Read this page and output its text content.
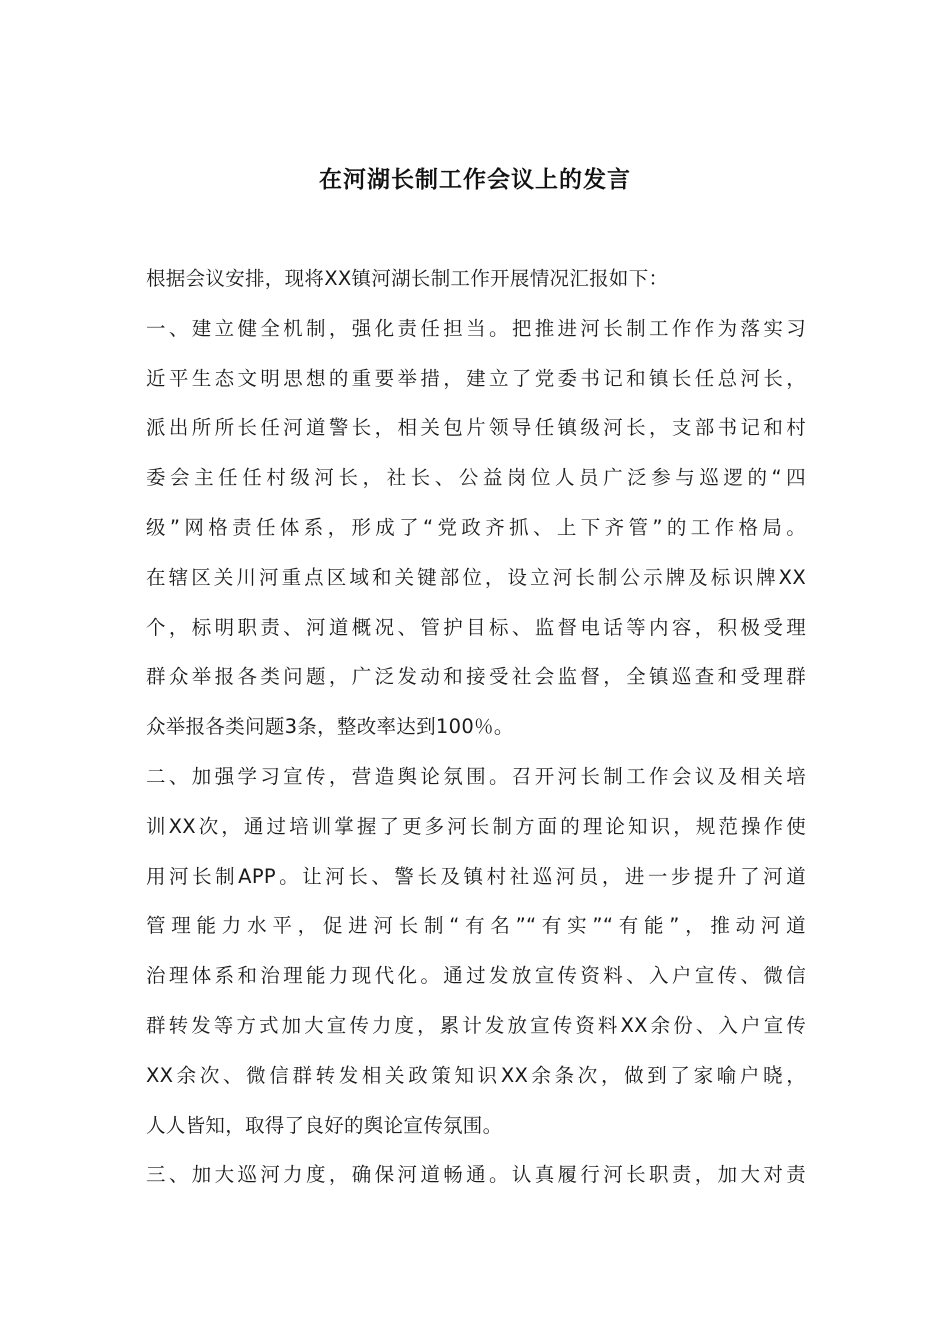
在河湖长制工作会议上的发言
根据会议安排，现将XX镇河湖长制工作开展情况汇报如下：
一、建立健全机制，强化责任担当。把推进河长制工作作为落实习
近平生态文明思想的重要举措，建立了党委书记和镇长任总河长，
派出所所长任河道警长，相关包片领导任镇级河长，支部书记和村
委会主任任村级河长，社长、公益岗位人员广泛参与巡逻的“四
级”网格责任体系，形成了“党政齐抓、上下齐管”的工作格局。
在辖区关川河重点区域和关键部位，设立河长制公示牌及标识牌XX
个，标明职责、河道概况、管护目标、监督电话等内容，积极受理
群众举报各类问题，广泛发动和接受社会监督，全镇巡查和受理群
众举报各类问题3条，整改率达到100％。
二、加强学习宣传，营造舆论氛围。召开河长制工作会议及相关培
训XX次，通过培训掌握了更多河长制方面的理论知识，规范操作使
用河长制APP。让河长、警长及镇村社巡河员，进一步提升了河道
管理能力水平，促进河长制“有名”“有实”“有能”，推动河道
治理体系和治理能力现代化。通过发放宣传资料、入户宣传、微信
群转发等方式加大宣传力度，累计发放宣传资料XX余份、入户宣传
XX余次、微信群转发相关政策知识XX余条次，做到了家喻户晓，
人人皆知，取得了良好的舆论宣传氛围。
三、加大巡河力度，确保河道畅通。认真履行河长职责，加大对责
